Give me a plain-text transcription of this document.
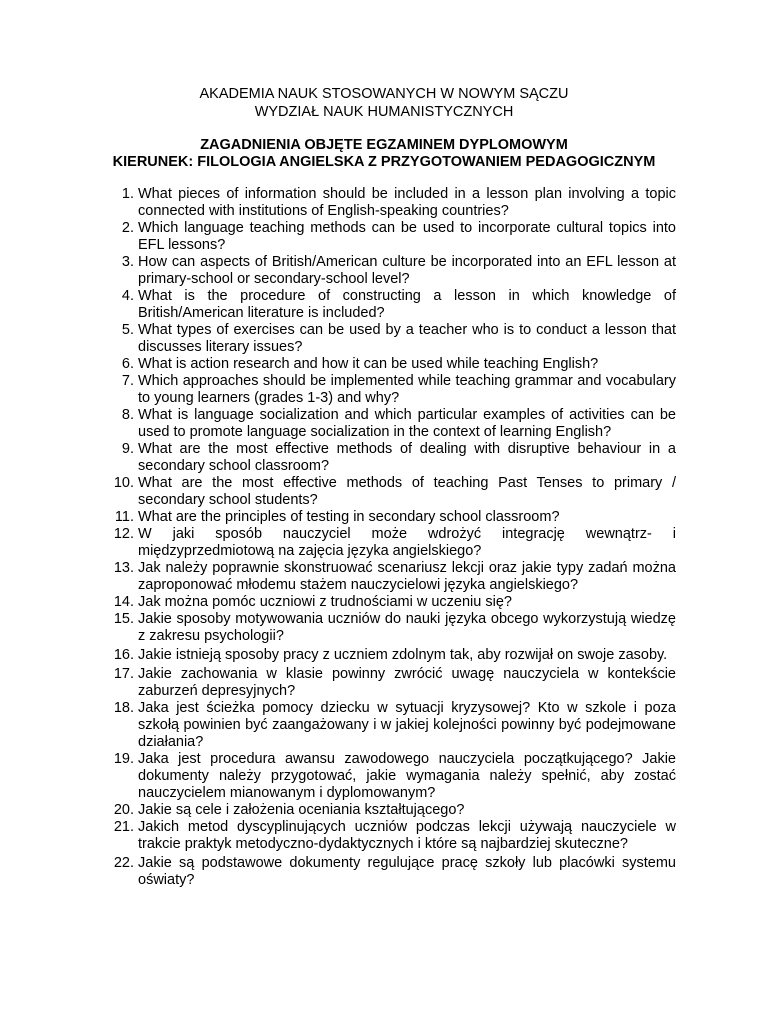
AKADEMIA NAUK STOSOWANYCH W NOWYM SĄCZU
WYDZIAŁ NAUK HUMANISTYCZNYCH
ZAGADNIENIA OBJĘTE EGZAMINEM DYPLOMOWYM
KIERUNEK: FILOLOGIA ANGIELSKA Z PRZYGOTOWANIEM PEDAGOGICZNYM
1. What pieces of information should be included in a lesson plan involving a topic connected with institutions of English-speaking countries?
2. Which language teaching methods can be used to incorporate cultural topics into EFL lessons?
3. How can aspects of British/American culture be incorporated into an EFL lesson at primary-school or secondary-school level?
4. What is the procedure of constructing a lesson in which knowledge of British/American literature is included?
5. What types of exercises can be used by a teacher who is to conduct a lesson that discusses literary issues?
6. What is action research and how it can be used while teaching English?
7. Which approaches should be implemented while teaching grammar and vocabulary to young learners (grades 1-3) and why?
8. What is language socialization and which particular examples of activities can be used to promote language socialization in the context of learning English?
9. What are the most effective methods of dealing with disruptive behaviour in a secondary school classroom?
10. What are the most effective methods of teaching Past Tenses to primary / secondary school students?
11. What are the principles of testing in secondary school classroom?
12. W jaki sposób nauczyciel może wdrożyć integrację wewnątrz- i międzyprzedmiotową na zajęcia języka angielskiego?
13. Jak należy poprawnie skonstruować scenariusz lekcji oraz jakie typy zadań można zaproponować młodemu stażem nauczycielowi języka angielskiego?
14. Jak można pomóc uczniowi z trudnościami w uczeniu się?
15. Jakie sposoby motywowania uczniów do nauki języka obcego wykorzystują wiedzę z zakresu psychologii?
16. Jakie istnieją sposoby pracy z uczniem zdolnym tak, aby rozwijał on swoje zasoby.
17. Jakie zachowania w klasie powinny zwrócić uwagę nauczyciela w kontekście zaburzeń depresyjnych?
18. Jaka jest ścieżka pomocy dziecku w sytuacji kryzysowej? Kto w szkole i poza szkołą powinien być zaangażowany i w jakiej kolejności powinny być podejmowane działania?
19. Jaka jest procedura awansu zawodowego nauczyciela początkującego? Jakie dokumenty należy przygotować, jakie wymagania należy spełnić, aby zostać nauczycielem mianowanym i dyplomowanym?
20. Jakie są cele i założenia oceniania kształtującego?
21. Jakich metod dyscyplinujących uczniów podczas lekcji używają nauczyciele w trakcie praktyk metodyczno-dydaktycznych i które są najbardziej skuteczne?
22. Jakie są podstawowe dokumenty regulujące pracę szkoły lub placówki systemu oświaty?
